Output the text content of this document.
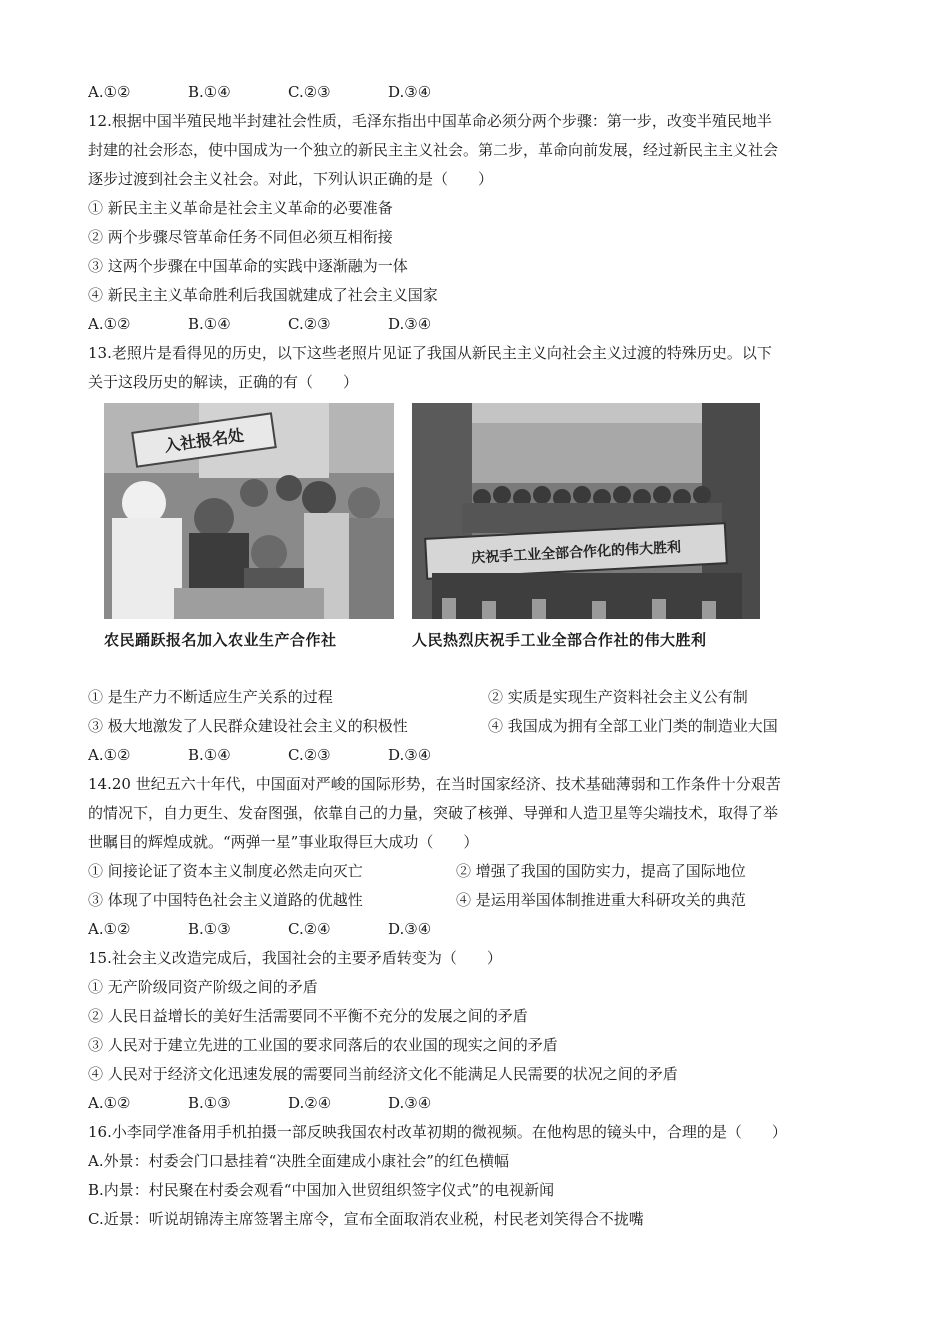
A.①②	B.①④	C.②③	D.③④
12.根据中国半殖民地半封建社会性质，毛泽东指出中国革命必须分两个步骤：第一步，改变半殖民地半
封建的社会形态，使中国成为一个独立的新民主主义社会。第二步，革命向前发展，经过新民主主义社会
逐步过渡到社会主义社会。对此，下列认识正确的是（　　）
① 新民主主义革命是社会主义革命的必要准备
② 两个步骤尽管革命任务不同但必须互相衔接
③ 这两个步骤在中国革命的实践中逐渐融为一体
④ 新民主主义革命胜利后我国就建成了社会主义国家
A.①②	B.①④	C.②③	D.③④
13.老照片是看得见的历史，以下这些老照片见证了我国从新民主主义向社会主义过渡的特殊历史。以下
关于这段历史的解读，正确的有（　　）
入社报名处
农民踊跃报名加入农业生产合作社
庆祝手工业全部合作化的伟大胜利
人民热烈庆祝手工业全部合作社的伟大胜利
① 是生产力不断适应生产关系的过程	② 实质是实现生产资料社会主义公有制
③ 极大地激发了人民群众建设社会主义的积极性	④ 我国成为拥有全部工业门类的制造业大国
A.①②	B.①④	C.②③	D.③④
14.20 世纪五六十年代，中国面对严峻的国际形势，在当时国家经济、技术基础薄弱和工作条件十分艰苦
的情况下，自力更生、发奋图强，依靠自己的力量，突破了核弹、导弹和人造卫星等尖端技术，取得了举
世瞩目的辉煌成就。“两弹一星”事业取得巨大成功（　　）
① 间接论证了资本主义制度必然走向灭亡	② 增强了我国的国防实力，提高了国际地位
③ 体现了中国特色社会主义道路的优越性	④ 是运用举国体制推进重大科研攻关的典范
A.①②	B.①③	C.②④	D.③④
15.社会主义改造完成后，我国社会的主要矛盾转变为（　　）
① 无产阶级同资产阶级之间的矛盾
② 人民日益增长的美好生活需要同不平衡不充分的发展之间的矛盾
③ 人民对于建立先进的工业国的要求同落后的农业国的现实之间的矛盾
④ 人民对于经济文化迅速发展的需要同当前经济文化不能满足人民需要的状况之间的矛盾
A.①②	B.①③	D.②④	D.③④
16.小李同学准备用手机拍摄一部反映我国农村改革初期的微视频。在他构思的镜头中，合理的是（　　）
A.外景：村委会门口悬挂着“决胜全面建成小康社会”的红色横幅
B.内景：村民聚在村委会观看“中国加入世贸组织签字仪式”的电视新闻
C.近景：听说胡锦涛主席签署主席令，宣布全面取消农业税，村民老刘笑得合不拢嘴
